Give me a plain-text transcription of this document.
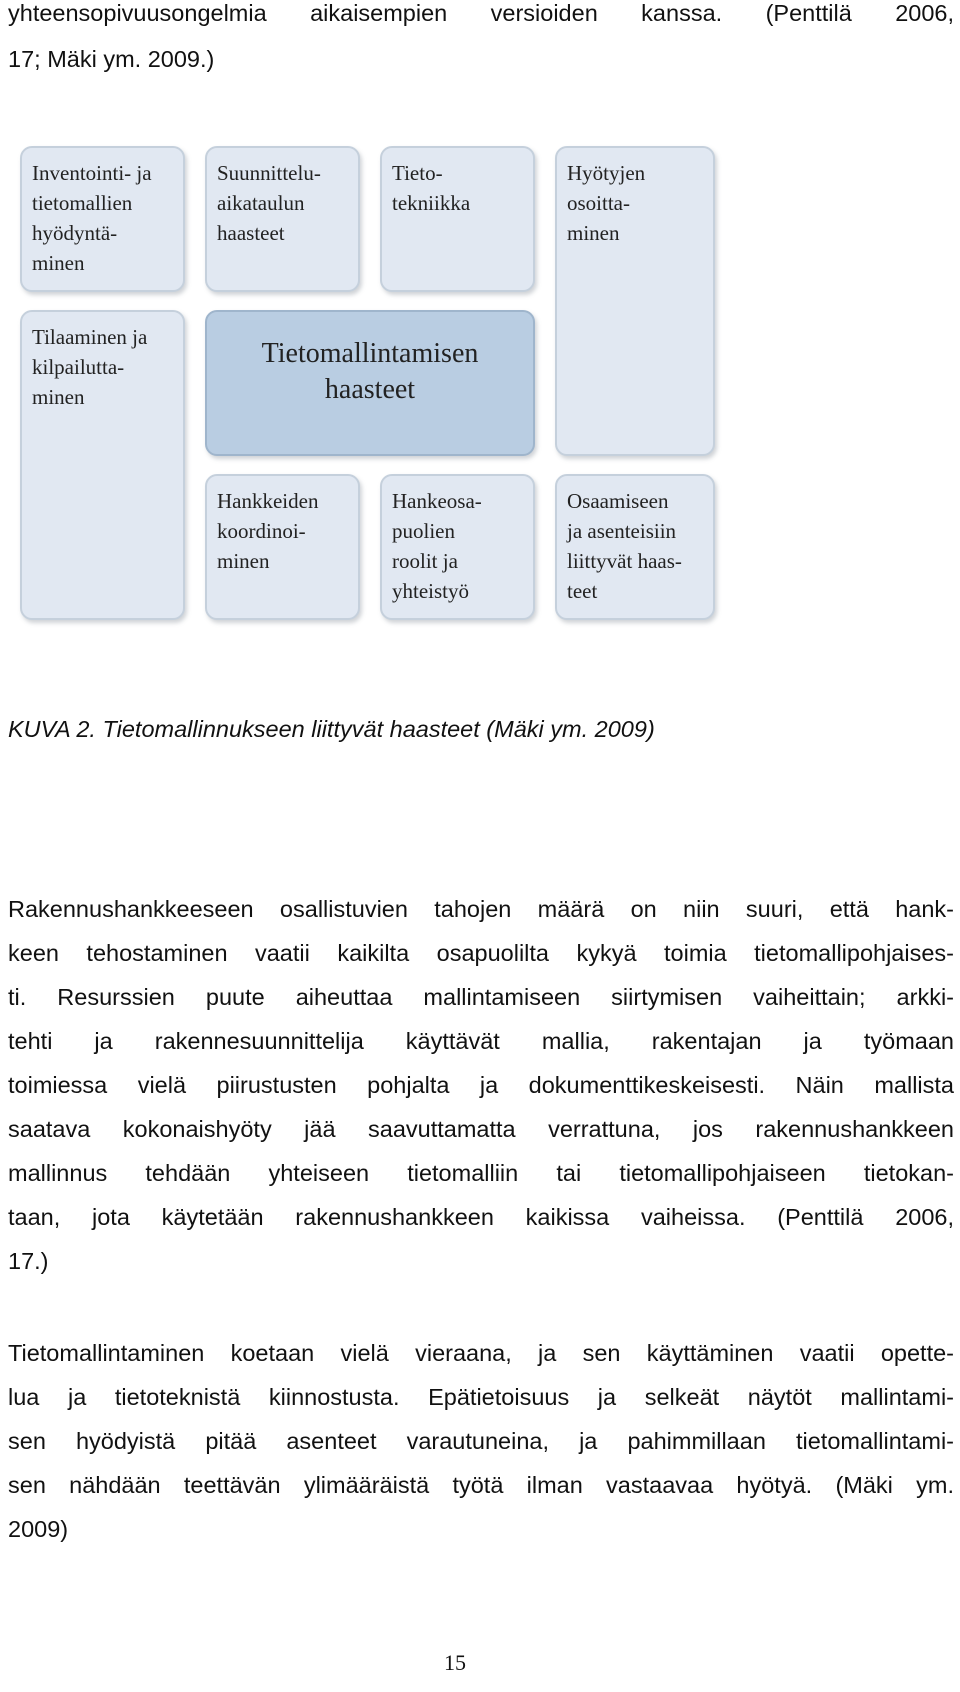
yhteensopivuusongelmia aikaisempien versioiden kanssa. (Penttilä 2006,

17; Mäki ym. 2009.)

Inventointi- ja
tietomallien
hyödyntä-
minen
Suunnittelu-
aikataulun
haasteet
Tieto-
tekniikka
Hyötyjen
osoitta-
minen
Tilaaminen ja
kilpailutta-
minen
Tietomallintamisen
haasteet
Hankkeiden
koordinoi-
minen
Hankeosa-
puolien
roolit ja
yhteistyö
Osaamiseen
ja asenteisiin
liittyvät haas-
teet

KUVA 2. Tietomallinnukseen liittyvät haasteet (Mäki ym. 2009)

Rakennushankkeeseen osallistuvien tahojen määrä on niin suuri, että hank-

keen tehostaminen vaatii kaikilta osapuolilta kykyä toimia tietomallipohjaises-

ti. Resurssien puute aiheuttaa mallintamiseen siirtymisen vaiheittain; arkki-

tehti ja rakennesuunnittelija käyttävät mallia, rakentajan ja työmaan

toimiessa vielä piirustusten pohjalta ja dokumenttikeskeisesti. Näin mallista

saatava kokonaishyöty jää saavuttamatta verrattuna, jos rakennushankkeen

mallinnus tehdään yhteiseen tietomalliin tai tietomallipohjaiseen tietokan-

taan, jota käytetään rakennushankkeen kaikissa vaiheissa. (Penttilä 2006,

17.)

Tietomallintaminen koetaan vielä vieraana, ja sen käyttäminen vaatii opette-

lua ja tietoteknistä kiinnostusta. Epätietoisuus ja selkeät näytöt mallintami-

sen hyödyistä pitää asenteet varautuneina, ja pahimmillaan tietomallintami-

sen nähdään teettävän ylimääräistä työtä ilman vastaavaa hyötyä. (Mäki ym.

2009)

15
